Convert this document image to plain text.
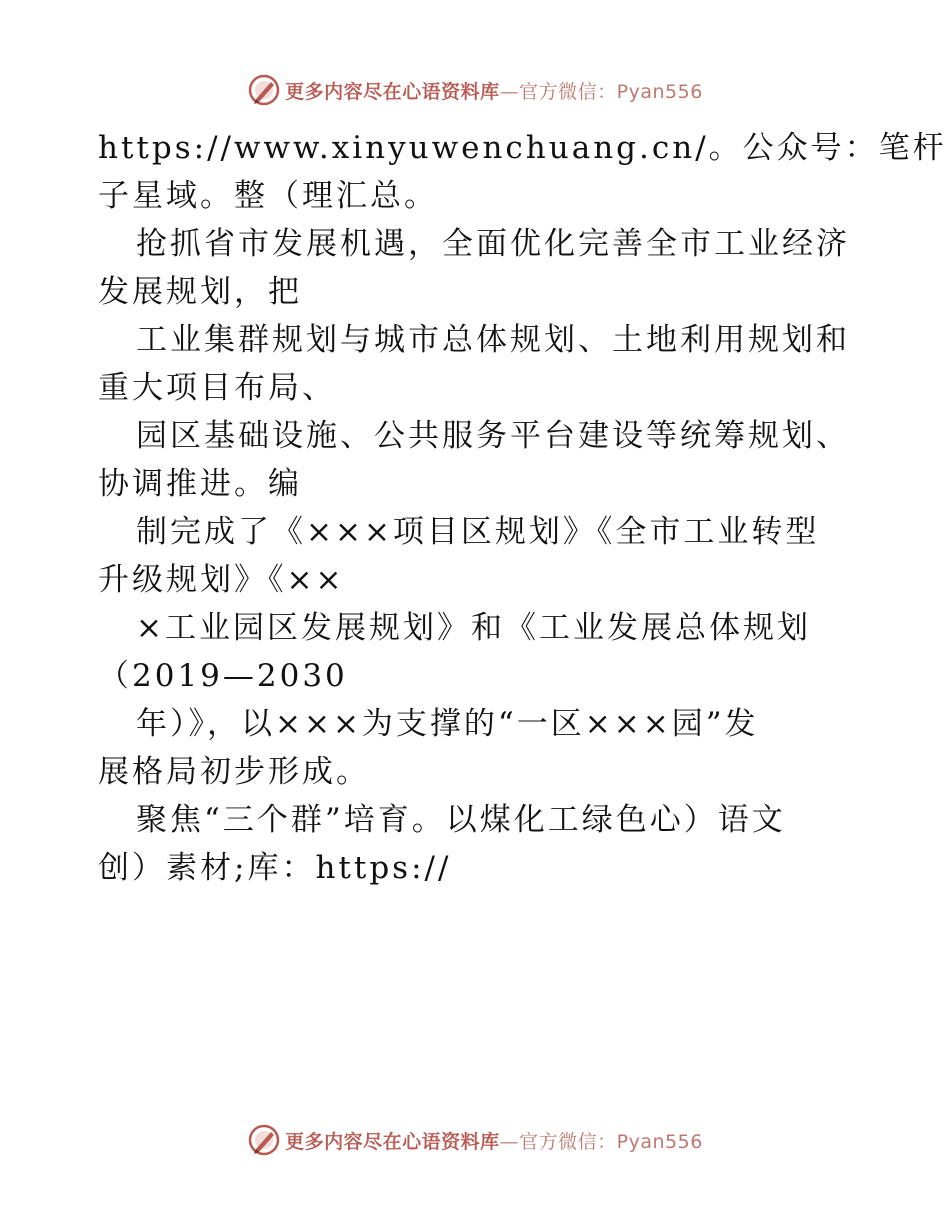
更多内容尽在心语资料库—官方微信：Pyan556
https://www.xinyuwenchuang.cn/。公众号：笔杆
子星域。整（理汇总。
抢抓省市发展机遇，全面优化完善全市工业经济
发展规划，把
工业集群规划与城市总体规划、土地利用规划和
重大项目布局、
园区基础设施、公共服务平台建设等统筹规划、
协调推进。编
制完成了《×××项目区规划》《全市工业转型
升级规划》《××
×工业园区发展规划》和《工业发展总体规划
（2019—2030
年）》，以×××为支撑的“一区×××园”发
展格局初步形成。
聚焦“三个群”培育。以煤化工绿色心）语文
创）素材;库：https://
更多内容尽在心语资料库—官方微信：Pyan556
